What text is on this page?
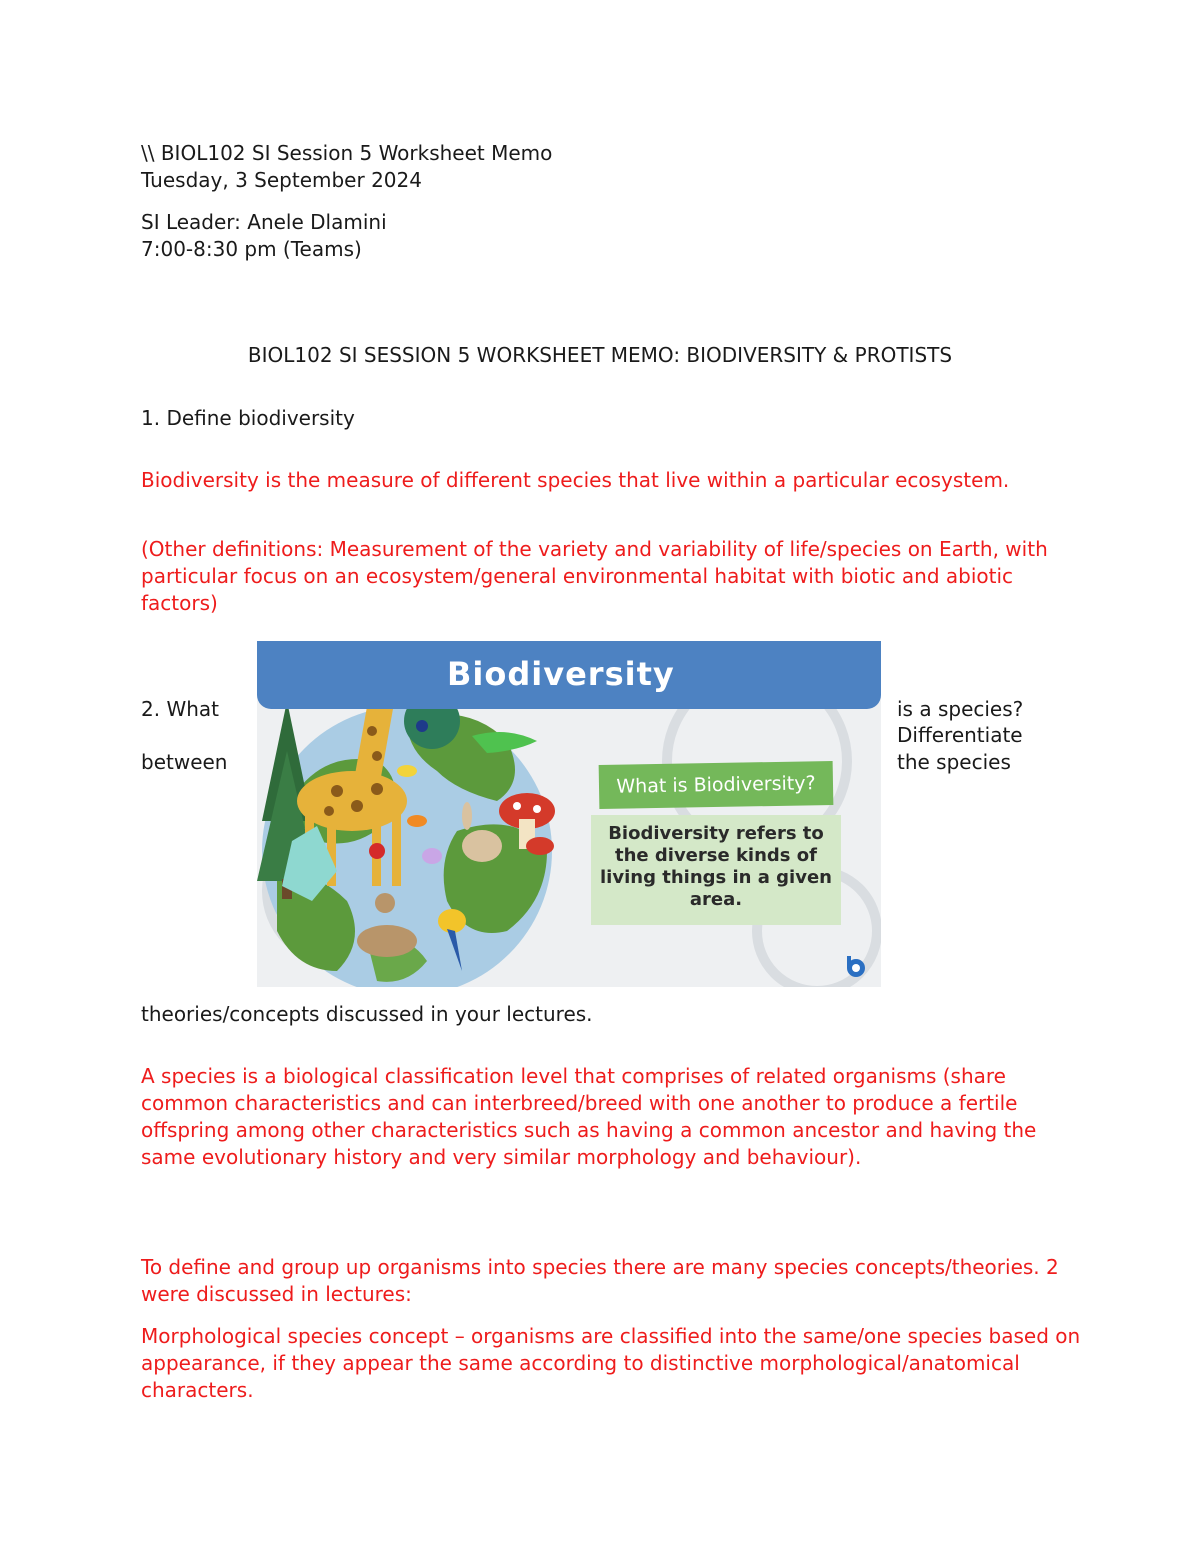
\\ BIOL102 SI Session 5 Worksheet Memo

Tuesday, 3 September 2024

SI Leader: Anele Dlamini

7:00-8:30 pm (Teams)

BIOL102 SI SESSION 5 WORKSHEET MEMO: BIODIVERSITY & PROTISTS

1. Define biodiversity

Biodiversity is the measure of different species that live within a particular ecosystem.

(Other definitions: Measurement of the variety and variability of life/species on Earth, with particular focus on an ecosystem/general environmental habitat with biotic and abiotic factors)

2. What

between

is a species?

Differentiate

the species

Biodiversity
What is Biodiversity?
Biodiversity refers to the diverse kinds of living things in a given area.

theories/concepts discussed in your lectures.

A species is a biological classification level that comprises of related organisms (share common characteristics and can interbreed/breed with one another to produce a fertile offspring among other characteristics such as having a common ancestor and having the same evolutionary history and very similar morphology and behaviour).

To define and group up organisms into species there are many species concepts/theories. 2 were discussed in lectures:

Morphological species concept – organisms are classified into the same/one species based on appearance, if they appear the same according to distinctive morphological/anatomical characters.
